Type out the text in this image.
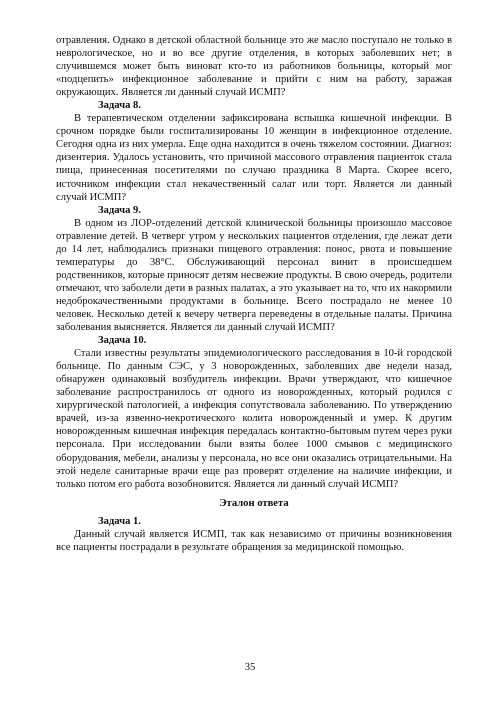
отравления. Однако в детской областной больнице это же масло поступало не только в неврологическое, но и во все другие отделения, в которых заболевших нет; в случившемся может быть виноват кто-то из работников больницы, который мог «подцепить» инфекционное заболевание и прийти с ним на работу, заражая окружающих. Является ли данный случай ИСМП?

Задача 8.

В терапевтическом отделении зафиксирована вспышка кишечной инфекции. В срочном порядке были госпитализированы 10 женщин в инфекционное отделение. Сегодня одна из них умерла. Еще одна находится в очень тяжелом состоянии. Диагноз: дизентерия. Удалось установить, что причиной массового отравления пациенток стала пища, принесенная посетителями по случаю праздника 8 Марта. Скорее всего, источником инфекции стал некачественный салат или торт. Является ли данный случай ИСМП?

Задача 9.

В одном из ЛОР-отделений детской клинической больницы произошло массовое отравление детей. В четверг утром у нескольких пациентов отделения, где лежат дети до 14 лет, наблюдались признаки пищевого отравления: понос, рвота и повышение температуры до 38°С. Обслуживающий персонал винит в происшедшем родственников, которые приносят детям несвежие продукты. В свою очередь, родители отмечают, что заболели дети в разных палатах, а это указывает на то, что их накормили недоброкачественными продуктами в больнице. Всего пострадало не менее 10 человек. Несколько детей к вечеру четверга переведены в отдельные палаты. Причина заболевания выясняется. Является ли данный случай ИСМП?

Задача 10.

Стали известны результаты эпидемиологического расследования в 10-й городской больнице. По данным СЭС, у 3 новорожденных, заболевших две недели назад, обнаружен одинаковый возбудитель инфекции. Врачи утверждают, что кишечное заболевание распространилось от одного из новорожденных, который родился с хирургической патологией, а инфекция сопутствовала заболеванию. По утверждению врачей, из-за язвенно-некротического колита новорожденный и умер. К другим новорожденным кишечная инфекция передалась контактно-бытовым путем через руки персонала. При исследовании были взяты более 1000 смывов с медицинского оборудования, мебели, анализы у персонала, но все они оказались отрицательными. На этой неделе санитарные врачи еще раз проверят отделение на наличие инфекции, и только потом его работа возобновится. Является ли данный случай ИСМП?

Эталон ответа

Задача 1.

Данный случай является ИСМП, так как независимо от причины возникновения все пациенты пострадали в результате обращения за медицинской помощью.

35
